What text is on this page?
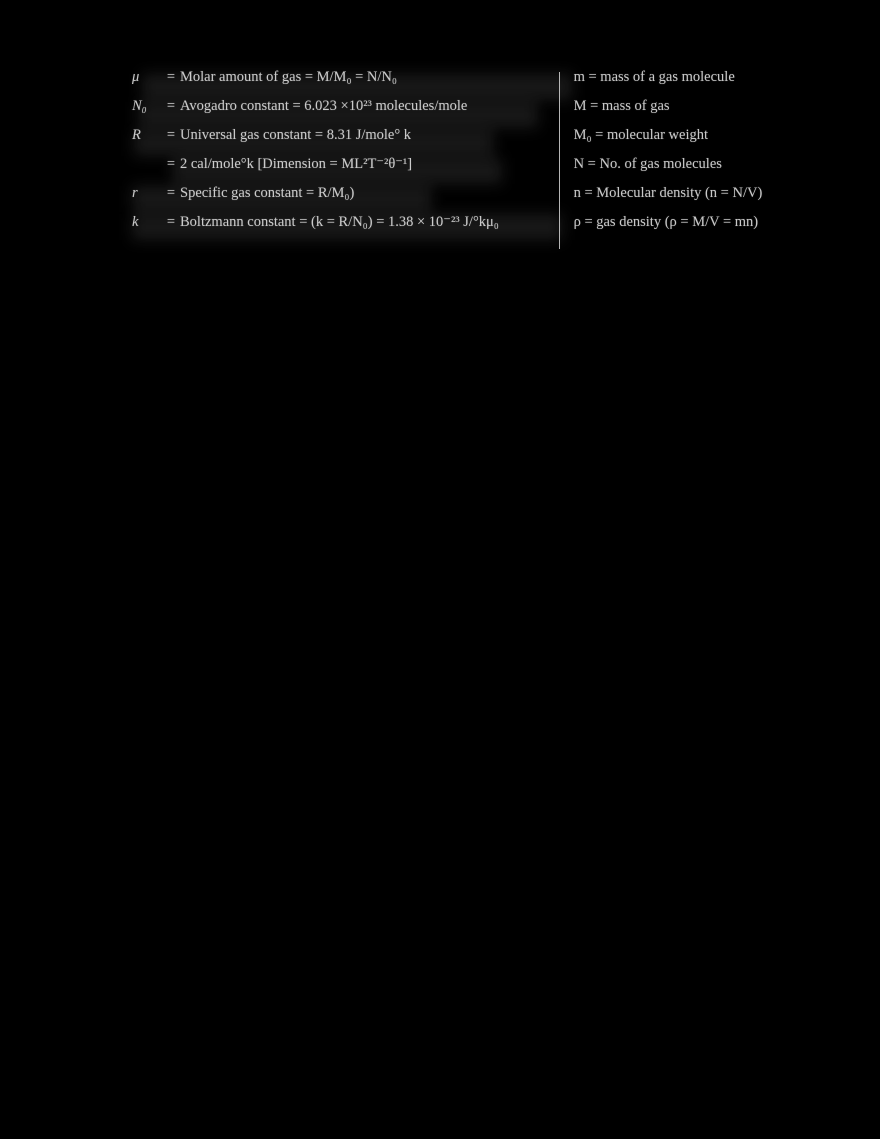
μ	= Molar amount of gas = M/M₀ = N/N₀
N₀	= Avogadro constant = 6.023 ×10²³ molecules/mole
R	= Universal gas constant = 8.31 J/mole° k
= 2 cal/mole°k [Dimension = ML²T⁻²θ⁻¹]
r	= Specific gas constant = R/M₀)
k	= Boltzmann constant = (k = R/N₀) = 1.38 × 10⁻²³ J/°kμ₀
m = mass of a gas molecule
M = mass of gas
M₀ = molecular weight
N = No. of gas molecules
n = Molecular density (n = N/V)
ρ = gas density (ρ = M/V = mn)
